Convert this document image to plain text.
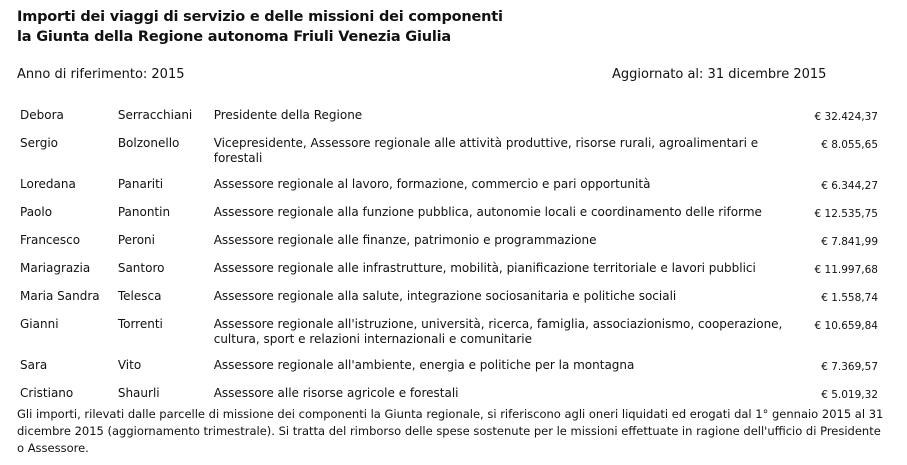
Importi dei viaggi di servizio e delle missioni dei componenti
la Giunta della Regione autonoma Friuli Venezia Giulia
Anno di riferimento: 2015	Aggiornato al: 31 dicembre 2015
Debora	Serracchiani	Presidente della Regione	€ 32.424,37
Sergio	Bolzonello	Vicepresidente, Assessore regionale alle attività produttive, risorse rurali, agroalimentari e forestali	€ 8.055,65
Loredana	Panariti	Assessore regionale al lavoro, formazione, commercio e pari opportunità	€ 6.344,27
Paolo	Panontin	Assessore regionale alla funzione pubblica, autonomie locali e coordinamento delle riforme	€ 12.535,75
Francesco	Peroni	Assessore regionale alle finanze, patrimonio e programmazione	€ 7.841,99
Mariagrazia	Santoro	Assessore regionale alle infrastrutture, mobilità, pianificazione territoriale e lavori pubblici	€ 11.997,68
Maria Sandra	Telesca	Assessore regionale alla salute, integrazione sociosanitaria e politiche sociali	€ 1.558,74
Gianni	Torrenti	Assessore regionale all'istruzione, università, ricerca, famiglia, associazionismo, cooperazione, cultura, sport e relazioni internazionali e comunitarie	€ 10.659,84
Sara	Vito	Assessore regionale all'ambiente, energia e politiche per la montagna	€ 7.369,57
Cristiano	Shaurli	Assessore alle risorse agricole e forestali	€ 5.019,32
Gli importi, rilevati dalle parcelle di missione dei componenti la Giunta regionale, si riferiscono agli oneri liquidati ed erogati dal 1° gennaio 2015 al 31 dicembre 2015 (aggiornamento trimestrale). Si tratta del rimborso delle spese sostenute per le missioni effettuate in ragione dell'ufficio di Presidente o Assessore.
